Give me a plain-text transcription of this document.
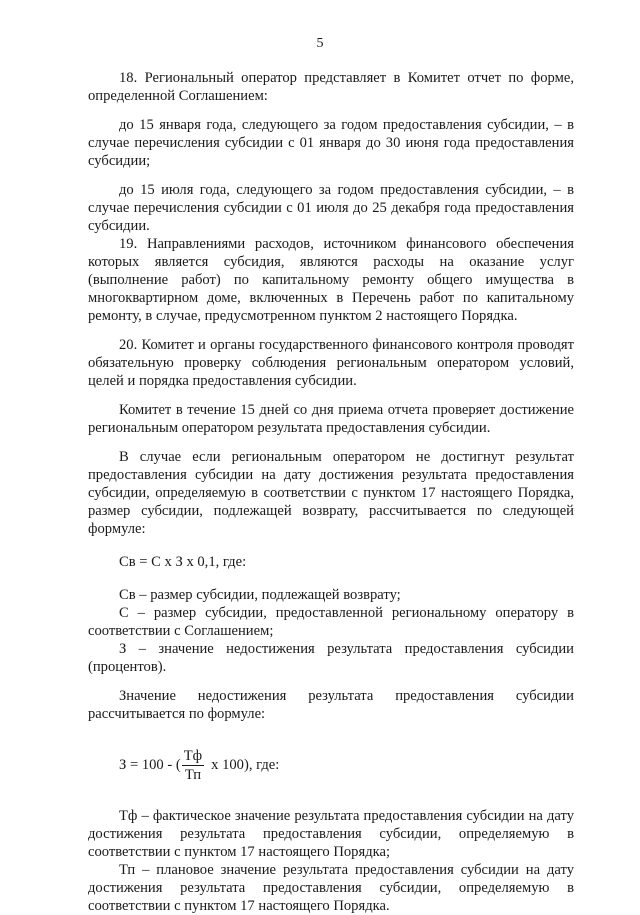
5

18. Региональный оператор представляет в Комитет отчет по форме, определенной Соглашением:

до 15 января года, следующего за годом предоставления субсидии, – в случае перечисления субсидии с 01 января до 30 июня года предоставления субсидии;

до 15 июля года, следующего за годом предоставления субсидии, – в случае перечисления субсидии с 01 июля до 25 декабря года предоставления субсидии.

19. Направлениями расходов, источником финансового обеспечения которых является субсидия, являются расходы на оказание услуг (выполнение работ) по капитальному ремонту общего имущества в многоквартирном доме, включенных в Перечень работ по капитальному ремонту, в случае, предусмотренном пунктом 2 настоящего Порядка.

20. Комитет и органы государственного финансового контроля проводят обязательную проверку соблюдения региональным оператором условий, целей и порядка предоставления субсидии.

Комитет в течение 15 дней со дня приема отчета проверяет достижение региональным оператором результата предоставления субсидии.

В случае если региональным оператором не достигнут результат предоставления субсидии на дату достижения результата предоставления субсидии, определяемую в соответствии с пунктом 17 настоящего Порядка, размер субсидии, подлежащей возврату, рассчитывается по следующей формуле:

Св = С х З х 0,1, где:

Св – размер субсидии, подлежащей возврату;

С – размер субсидии, предоставленной региональному оператору в соответствии с Соглашением;

З – значение недостижения результата предоставления субсидии (процентов).

Значение недостижения результата предоставления субсидии рассчитывается по формуле:

З = 100 - ( $\frac{Тф}{Тп}$ х 100), где:

Тф – фактическое значение результата предоставления субсидии на дату достижения результата предоставления субсидии, определяемую в соответствии с пунктом 17 настоящего Порядка;

Тп – плановое значение результата предоставления субсидии на дату достижения результата предоставления субсидии, определяемую в соответствии с пунктом 17 настоящего Порядка.
